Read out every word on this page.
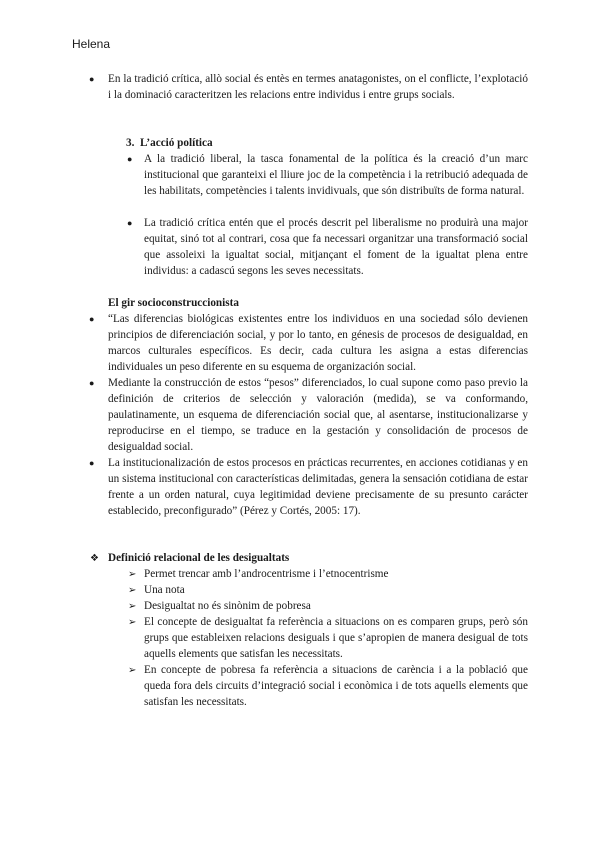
Helena
● En la tradició crítica, allò social és entès en termes anatagonistes, on el conflicte, l’explotació i la dominació caracteritzen les relacions entre individus i entre grups socials.
3. L’acció política
● A la tradició liberal, la tasca fonamental de la política és la creació d’un marc institucional que garanteixi el lliure joc de la competència i la retribució adequada de les habilitats, competències i talents invidivuals, que són distribuïts de forma natural.
● La tradició crítica entén que el procés descrit pel liberalisme no produirà una major equitat, sinó tot al contrari, cosa que fa necessari organitzar una transformació social que assoleixi la igualtat social, mitjançant el foment de la igualtat plena entre individus: a cadascú segons les seves necessitats.
El gir socioconstruccionista
● “Las diferencias biológicas existentes entre los individuos en una sociedad sólo devienen principios de diferenciación social, y por lo tanto, en génesis de procesos de desigualdad, en marcos culturales específicos. Es decir, cada cultura les asigna a estas diferencias individuales un peso diferente en su esquema de organización social.
● Mediante la construcción de estos “pesos” diferenciados, lo cual supone como paso previo la definición de criterios de selección y valoración (medida), se va conformando, paulatinamente, un esquema de diferenciación social que, al asentarse, institucionalizarse y reproducirse en el tiempo, se traduce en la gestación y consolidación de procesos de desigualdad social.
● La institucionalización de estos procesos en prácticas recurrentes, en acciones cotidianas y en un sistema institucional con características delimitadas, genera la sensación cotidiana de estar frente a un orden natural, cuya legitimidad deviene precisamente de su presunto carácter establecido, preconfigurado” (Pérez y Cortés, 2005: 17).
❖ Definició relacional de les desigualtats
➢ Permet trencar amb l’androcentrisme i l’etnocentrisme
➢ Una nota
➢ Desigualtat no és sinònim de pobresa
➢ El concepte de desigualtat fa referència a situacions on es comparen grups, però són grups que estableixen relacions desiguals i que s’apropien de manera desigual de tots aquells elements que satisfan les necessitats.
➢ En concepte de pobresa fa referència a situacions de carència i a la població que queda fora dels circuits d’integració social i econòmica i de tots aquells elements que satisfan les necessitats.
